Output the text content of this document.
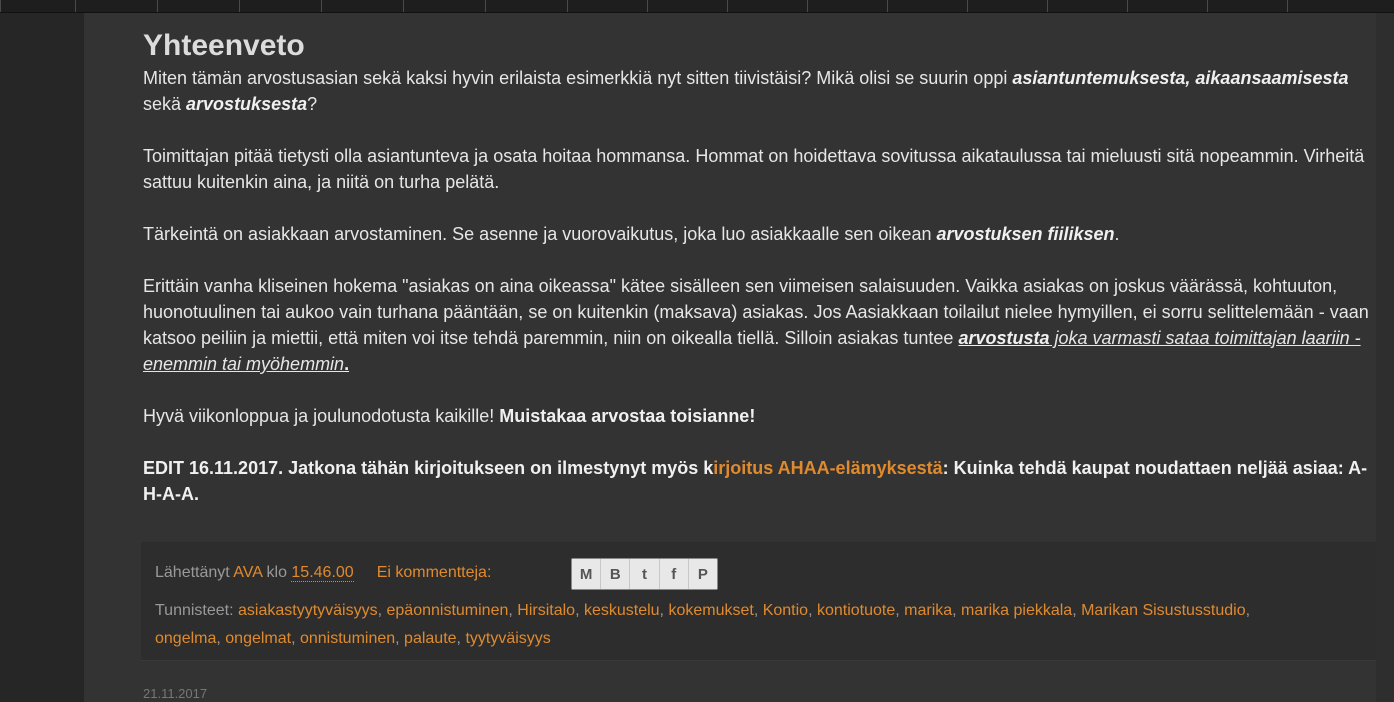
Yhteenveto

Miten tämän arvostusasian sekä kaksi hyvin erilaista esimerkkiä nyt sitten tiivistäisi? Mikä olisi se suurin oppi asiantuntemuksesta, aikaansaamisesta sekä arvostuksesta?

Toimittajan pitää tietysti olla asiantunteva ja osata hoitaa hommansa. Hommat on hoidettava sovitussa aikataulussa tai mieluusti sitä nopeammin. Virheitä sattuu kuitenkin aina, ja niitä on turha pelätä.

Tärkeintä on asiakkaan arvostaminen. Se asenne ja vuorovaikutus, joka luo asiakkaalle sen oikean arvostuksen fiiliksen.

Erittäin vanha kliseinen hokema "asiakas on aina oikeassa" kätee sisälleen sen viimeisen salaisuuden. Vaikka asiakas on joskus väärässä, kohtuuton, huonotuulinen tai aukoo vain turhana pääntään, se on kuitenkin (maksava) asiakas. Jos Aasiakkaan toilailut nielee hymyillen, ei sorru selittelemään - vaan katsoo peiliin ja miettii, että miten voi itse tehdä paremmin, niin on oikealla tiellä. Silloin asiakas tuntee arvostusta joka varmasti sataa toimittajan laariin - enemmin tai myöhemmin.

Hyvä viikonloppua ja joulunodotusta kaikille! Muistakaa arvostaa toisianne!

EDIT 16.11.2017. Jatkona tähän kirjoitukseen on ilmestynyt myös kirjoitus AHAA-elämyksestä: Kuinka tehdä kaupat noudattaen neljää asiaa: A-H-A-A.

Lähettänyt AVA klo 15.46.00 Ei kommentteja:	M	B	t	f	P
Tunnisteet: asiakastyytyväisyys, epäonnistuminen, Hirsitalo, keskustelu, kokemukset, Kontio, kontiotuote, marika, marika piekkala, Marikan Sisustusstudio, ongelma, ongelmat, onnistuminen, palaute, tyytyväisyys
21.11.2017
